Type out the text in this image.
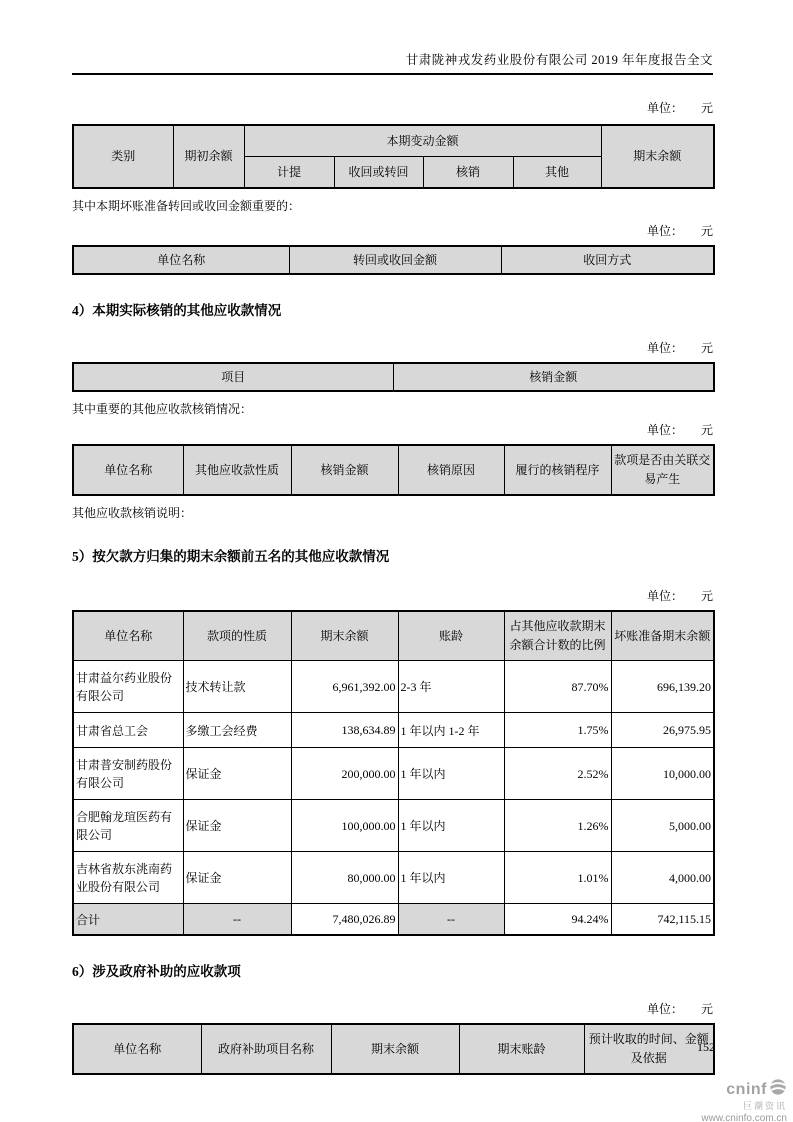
甘肃陇神戎发药业股份有限公司 2019 年年度报告全文
单位： 元
类别	期初余额	本期变动金额				期末余额
		计提	收回或转回	核销	其他	

其中本期坏账准备转回或收回金额重要的：

单位： 元
单位名称	转回或收回金额	收回方式
4）本期实际核销的其他应收款情况
单位： 元
项目	核销金额

其中重要的其他应收款核销情况：

单位： 元
单位名称	其他应收款性质	核销金额	核销原因	履行的核销程序	款项是否由关联交易产生

其他应收款核销说明：

5）按欠款方归集的期末余额前五名的其他应收款情况
单位： 元
单位名称	款项的性质	期末余额	账龄	占其他应收款期末余额合计数的比例	坏账准备期末余额
甘肃益尔药业股份有限公司	技术转让款	6,961,392.00	2-3 年	87.70%	696,139.20
甘肃省总工会	多缴工会经费	138,634.89	1 年以内 1-2 年	1.75%	26,975.95
甘肃普安制药股份有限公司	保证金	200,000.00	1 年以内	2.52%	10,000.00
合肥翰龙瑄医药有限公司	保证金	100,000.00	1 年以内	1.26%	5,000.00
吉林省敖东洮南药业股份有限公司	保证金	80,000.00	1 年以内	1.01%	4,000.00
合计	--	7,480,026.89	--	94.24%	742,115.15
6）涉及政府补助的应收款项
单位： 元
单位名称	政府补助项目名称	期末余额	期末账龄	预计收取的时间、金额及依据
152
cninf
巨潮资讯
www.cninfo.com.cn
